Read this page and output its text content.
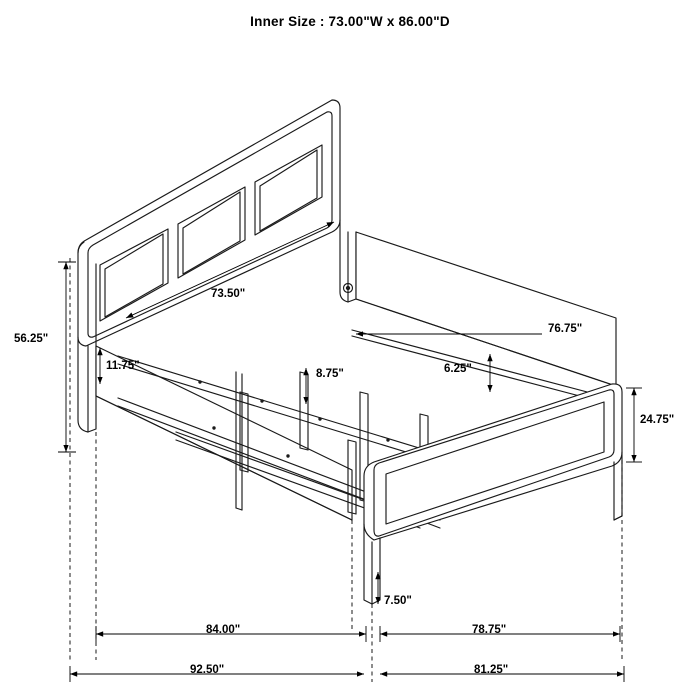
Inner Size : 73.00"W x 86.00"D
56.25"
11.75"
73.50"
76.75"
6.25"
8.75"
24.75"
7.50"
84.00"	78.75"
92.50"	81.25"
